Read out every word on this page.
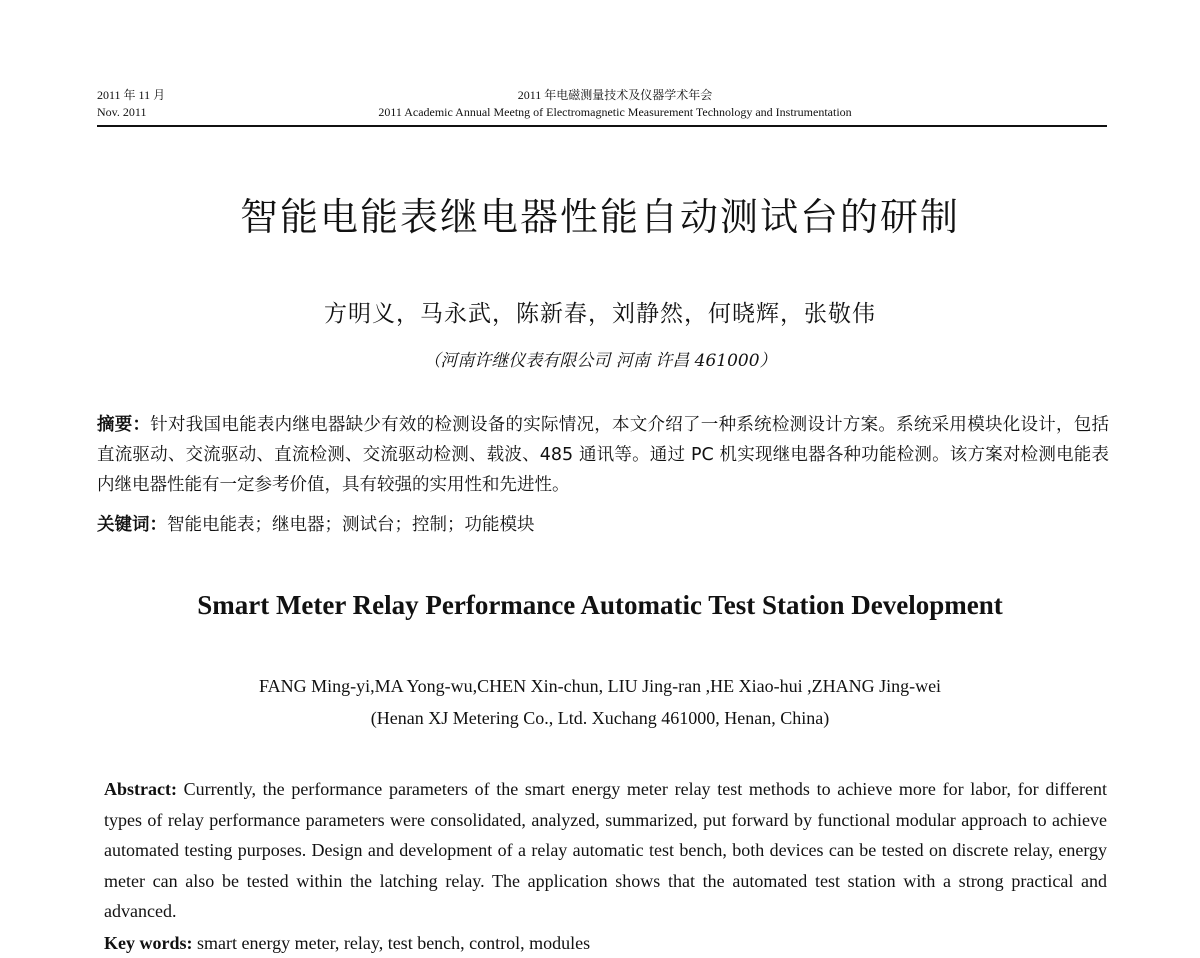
2011 年 11 月
Nov. 2011
2011 年电磁测量技术及仪器学术年会
2011 Academic Annual Meetng of Electromagnetic Measurement Technology and Instrumentation
智能电能表继电器性能自动测试台的研制
方明义，马永武，陈新春，刘静然，何晓辉，张敬伟
（河南许继仪表有限公司 河南 许昌 461000）
摘要：针对我国电能表内继电器缺少有效的检测设备的实际情况，本文介绍了一种系统检测设计方案。系统采用模块化设计，包括直流驱动、交流驱动、直流检测、交流驱动检测、载波、485 通讯等。通过 PC 机实现继电器各种功能检测。该方案对检测电能表内继电器性能有一定参考价值，具有较强的实用性和先进性。
关键词：智能电能表；继电器；测试台；控制；功能模块
Smart Meter Relay Performance Automatic Test Station Development
FANG Ming-yi,MA Yong-wu,CHEN Xin-chun, LIU Jing-ran ,HE Xiao-hui ,ZHANG Jing-wei
(Henan XJ Metering Co., Ltd. Xuchang 461000, Henan, China)
Abstract: Currently, the performance parameters of the smart energy meter relay test methods to achieve more for labor, for different types of relay performance parameters were consolidated, analyzed, summarized, put forward by functional modular approach to achieve automated testing purposes. Design and development of a relay automatic test bench, both devices can be tested on discrete relay, energy meter can also be tested within the latching relay. The application shows that the automated test station with a strong practical and advanced.
Key words: smart energy meter, relay, test bench, control, modules
